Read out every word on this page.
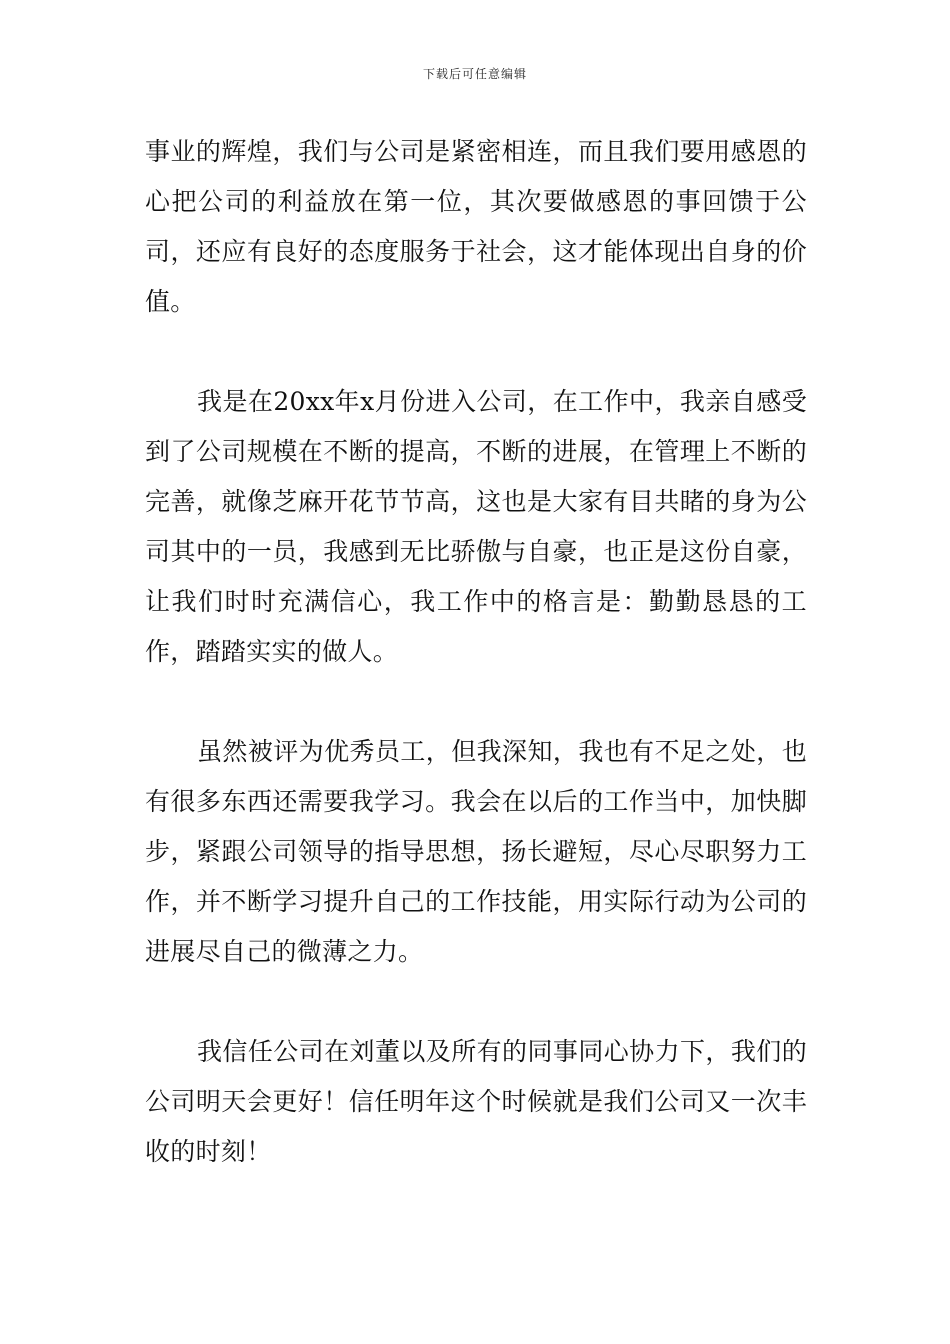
下载后可任意编辑

事业的辉煌，我们与公司是紧密相连，而且我们要用感恩的心把公司的利益放在第一位，其次要做感恩的事回馈于公司，还应有良好的态度服务于社会，这才能体现出自身的价值。

我是在20xx年x月份进入公司，在工作中，我亲自感受到了公司规模在不断的提高，不断的进展，在管理上不断的完善，就像芝麻开花节节高，这也是大家有目共睹的身为公司其中的一员，我感到无比骄傲与自豪，也正是这份自豪，让我们时时充满信心，我工作中的格言是：勤勤恳恳的工作，踏踏实实的做人。

虽然被评为优秀员工，但我深知，我也有不足之处，也有很多东西还需要我学习。我会在以后的工作当中，加快脚步，紧跟公司领导的指导思想，扬长避短，尽心尽职努力工作，并不断学习提升自己的工作技能，用实际行动为公司的进展尽自己的微薄之力。

我信任公司在刘董以及所有的同事同心协力下，我们的公司明天会更好！信任明年这个时候就是我们公司又一次丰收的时刻！
